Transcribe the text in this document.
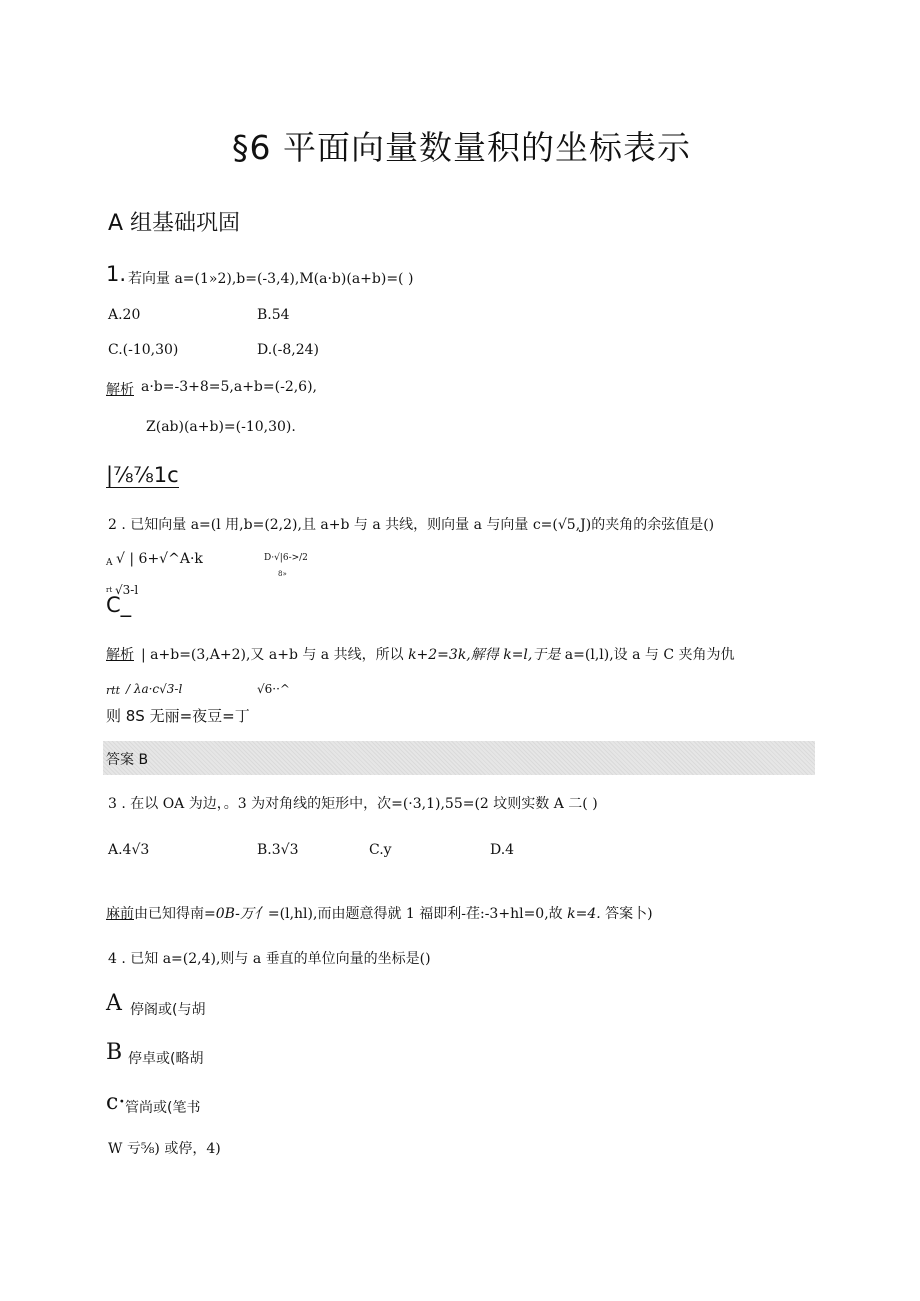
§6 平面向量数量积的坐标表示
A 组基础巩固
1. 若向量 a=(1»2),b=(-3,4),M(a·b)(a+b)=( )
A.20	B.54
C.(-10,30)	D.(-8,24)
解析 a·b=-3+8=5,a+b=(-2,6),
Z(ab)(a+b)=(-10,30).
|⅞⅞1c
2 . 已知向量 a=(l 用,b=(2,2),且 a+b 与 a 共线，则向量 a 与向量 c=(√5,J)的夹角的余弦值是()
A √ | 6+√^A·k	D·√|6->/2
8»
rt √3-l
C_
解析 | a+b=(3,A+2),又 a+b 与 a 共线，所以 k+2=3k,解得 k=l,于是 a=(l,l),设 a 与 C 夹角为仇
rtt / λa·c√3-l	√6··^
则 8S 无丽=夜豆=丁
答案 B
3 . 在以 OA 为边，。3 为对角线的矩形中，次=(·3,1),55=(2 坟则实数 A 二( )
A.4√3	B.3√3	C.y	D.4
麻前由已知得南=0B-万亻=(l,hl),而由题意得就 1 福即利-荏:-3+hl=0,故 k=4. 答案卜)
4 . 已知 a=(2,4),则与 a 垂直的单位向量的坐标是()
A 停阁或(与胡
B 停卓或(略胡
c· 管尚或(笔书
W 亏⅝) 或停，4)
